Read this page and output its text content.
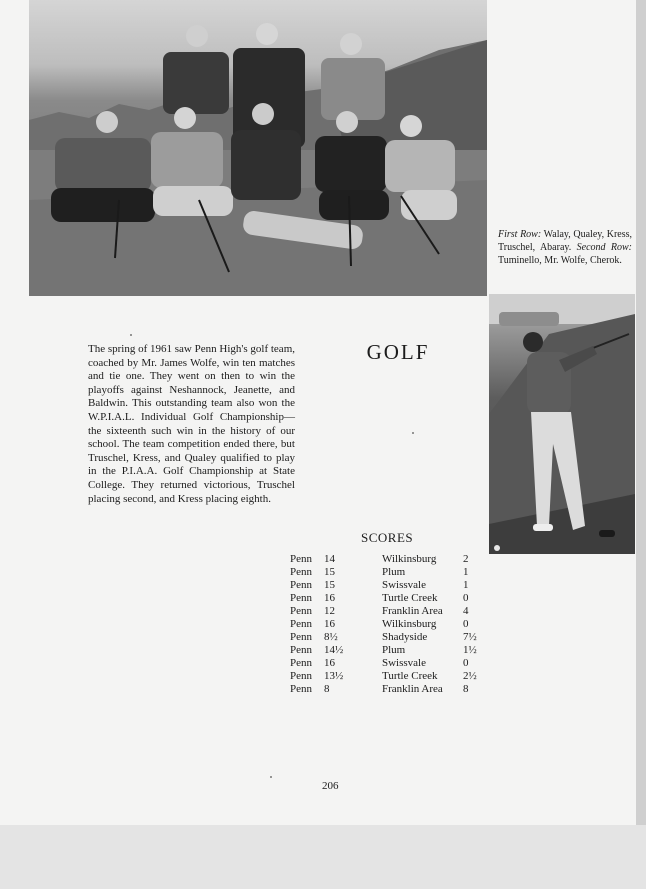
First Row: Walay, Qualey, Kress, Truschel, Abaray. Second Row: Tuminello, Mr. Wolfe, Cherok.
The spring of 1961 saw Penn High's golf team, coached by Mr. James Wolfe, win ten matches and tie one. They went on then to win the playoffs against Neshannock, Jeanette, and Baldwin. This outstanding team also won the W.P.I.A.L. Individual Golf Championship—the sixteenth such win in the history of our school. The team competition ended there, but Truschel, Kress, and Qualey qualified to play in the P.I.A.A. Golf Championship at State College. They returned victorious, Truschel placing second, and Kress placing eighth.
GOLF
SCORES
Penn	14	Wilkinsburg	2
Penn	15	Plum	1
Penn	15	Swissvale	1
Penn	16	Turtle Creek	0
Penn	12	Franklin Area	4
Penn	16	Wilkinsburg	0
Penn	8½	Shadyside	7½
Penn	14½	Plum	1½
Penn	16	Swissvale	0
Penn	13½	Turtle Creek	2½
Penn	8	Franklin Area	8
206
